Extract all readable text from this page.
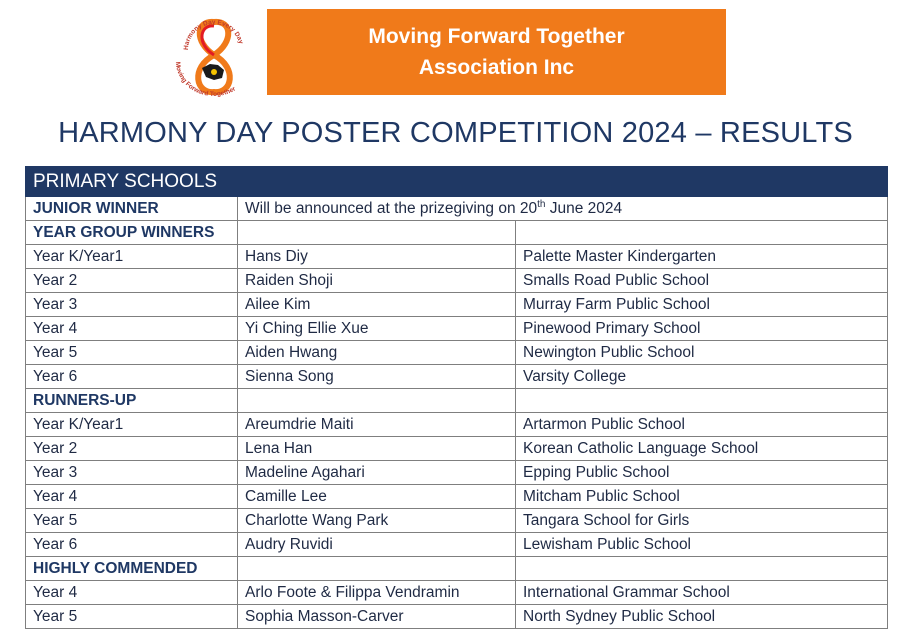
Harmony Day Every Day
Moving Forward Together
Moving Forward Together
Association Inc
HARMONY DAY POSTER COMPETITION 2024 – RESULTS
PRIMARY SCHOOLS		
JUNIOR WINNER	Will be announced at the prizegiving on 20th June 2024	
YEAR GROUP WINNERS		
Year K/Year1	Hans Diy	Palette Master Kindergarten
Year 2	Raiden Shoji	Smalls Road Public School
Year 3	Ailee Kim	Murray Farm Public School
Year 4	Yi Ching Ellie Xue	Pinewood Primary School
Year 5	Aiden Hwang	Newington Public School
Year 6	Sienna Song	Varsity College
RUNNERS-UP		
Year K/Year1	Areumdrie Maiti	Artarmon Public School
Year 2	Lena Han	Korean Catholic Language School
Year 3	Madeline Agahari	Epping Public School
Year 4	Camille Lee	Mitcham Public School
Year 5	Charlotte Wang Park	Tangara School for Girls
Year 6	Audry Ruvidi	Lewisham Public School
HIGHLY COMMENDED		
Year 4	Arlo Foote & Filippa Vendramin	International Grammar School
Year 5	Sophia Masson-Carver	North Sydney Public School
